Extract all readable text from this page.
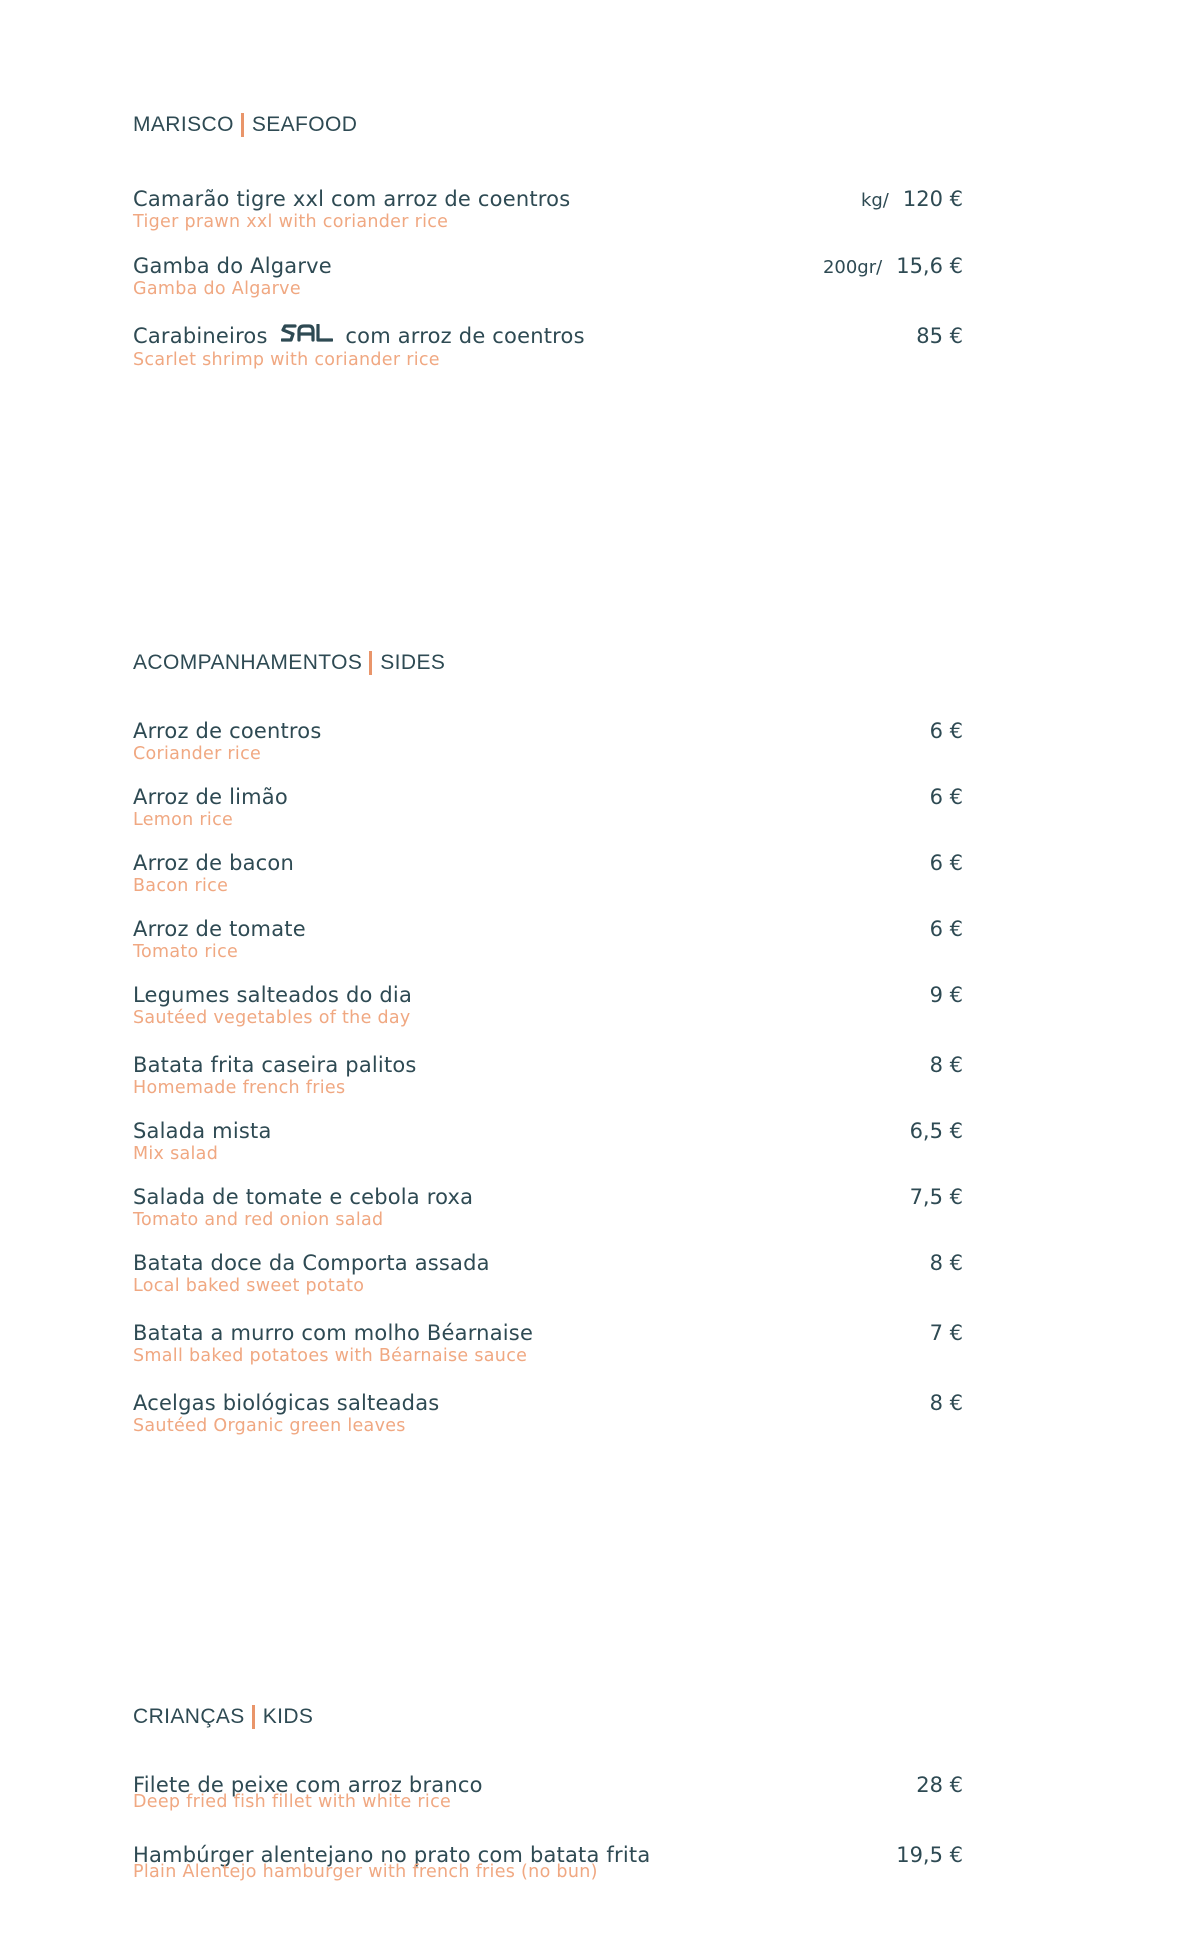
MARISCO SEAFOOD
Camarão tigre xxl com arroz de coentros
Tiger prawn xxl with coriander rice
kg/ 120 €
Gamba do Algarve
Gamba do Algarve
200gr/ 15,6 €
Carabineiros	com arroz de coentros
Scarlet shrimp with coriander rice
85 €
ACOMPANHAMENTOS SIDES
Arroz de coentros
Coriander rice
6 €
Arroz de limão
Lemon rice
6 €
Arroz de bacon
Bacon rice
6 €
Arroz de tomate
Tomato rice
6 €
Legumes salteados do dia
Sautéed vegetables of the day
9 €
Batata frita caseira palitos
Homemade french fries
8 €
Salada mista
Mix salad
6,5 €
Salada de tomate e cebola roxa
Tomato and red onion salad
7,5 €
Batata doce da Comporta assada
Local baked sweet potato
8 €
Batata a murro com molho Béarnaise
Small baked potatoes with Béarnaise sauce
7 €
Acelgas biológicas salteadas
Sautéed Organic green leaves
8 €
CRIANÇAS KIDS
Filete de peixe com arroz branco
Deep fried fish fillet with white rice
28 €
Hambúrger alentejano no prato com batata frita
Plain Alentejo hamburger with french fries (no bun)
19,5 €
